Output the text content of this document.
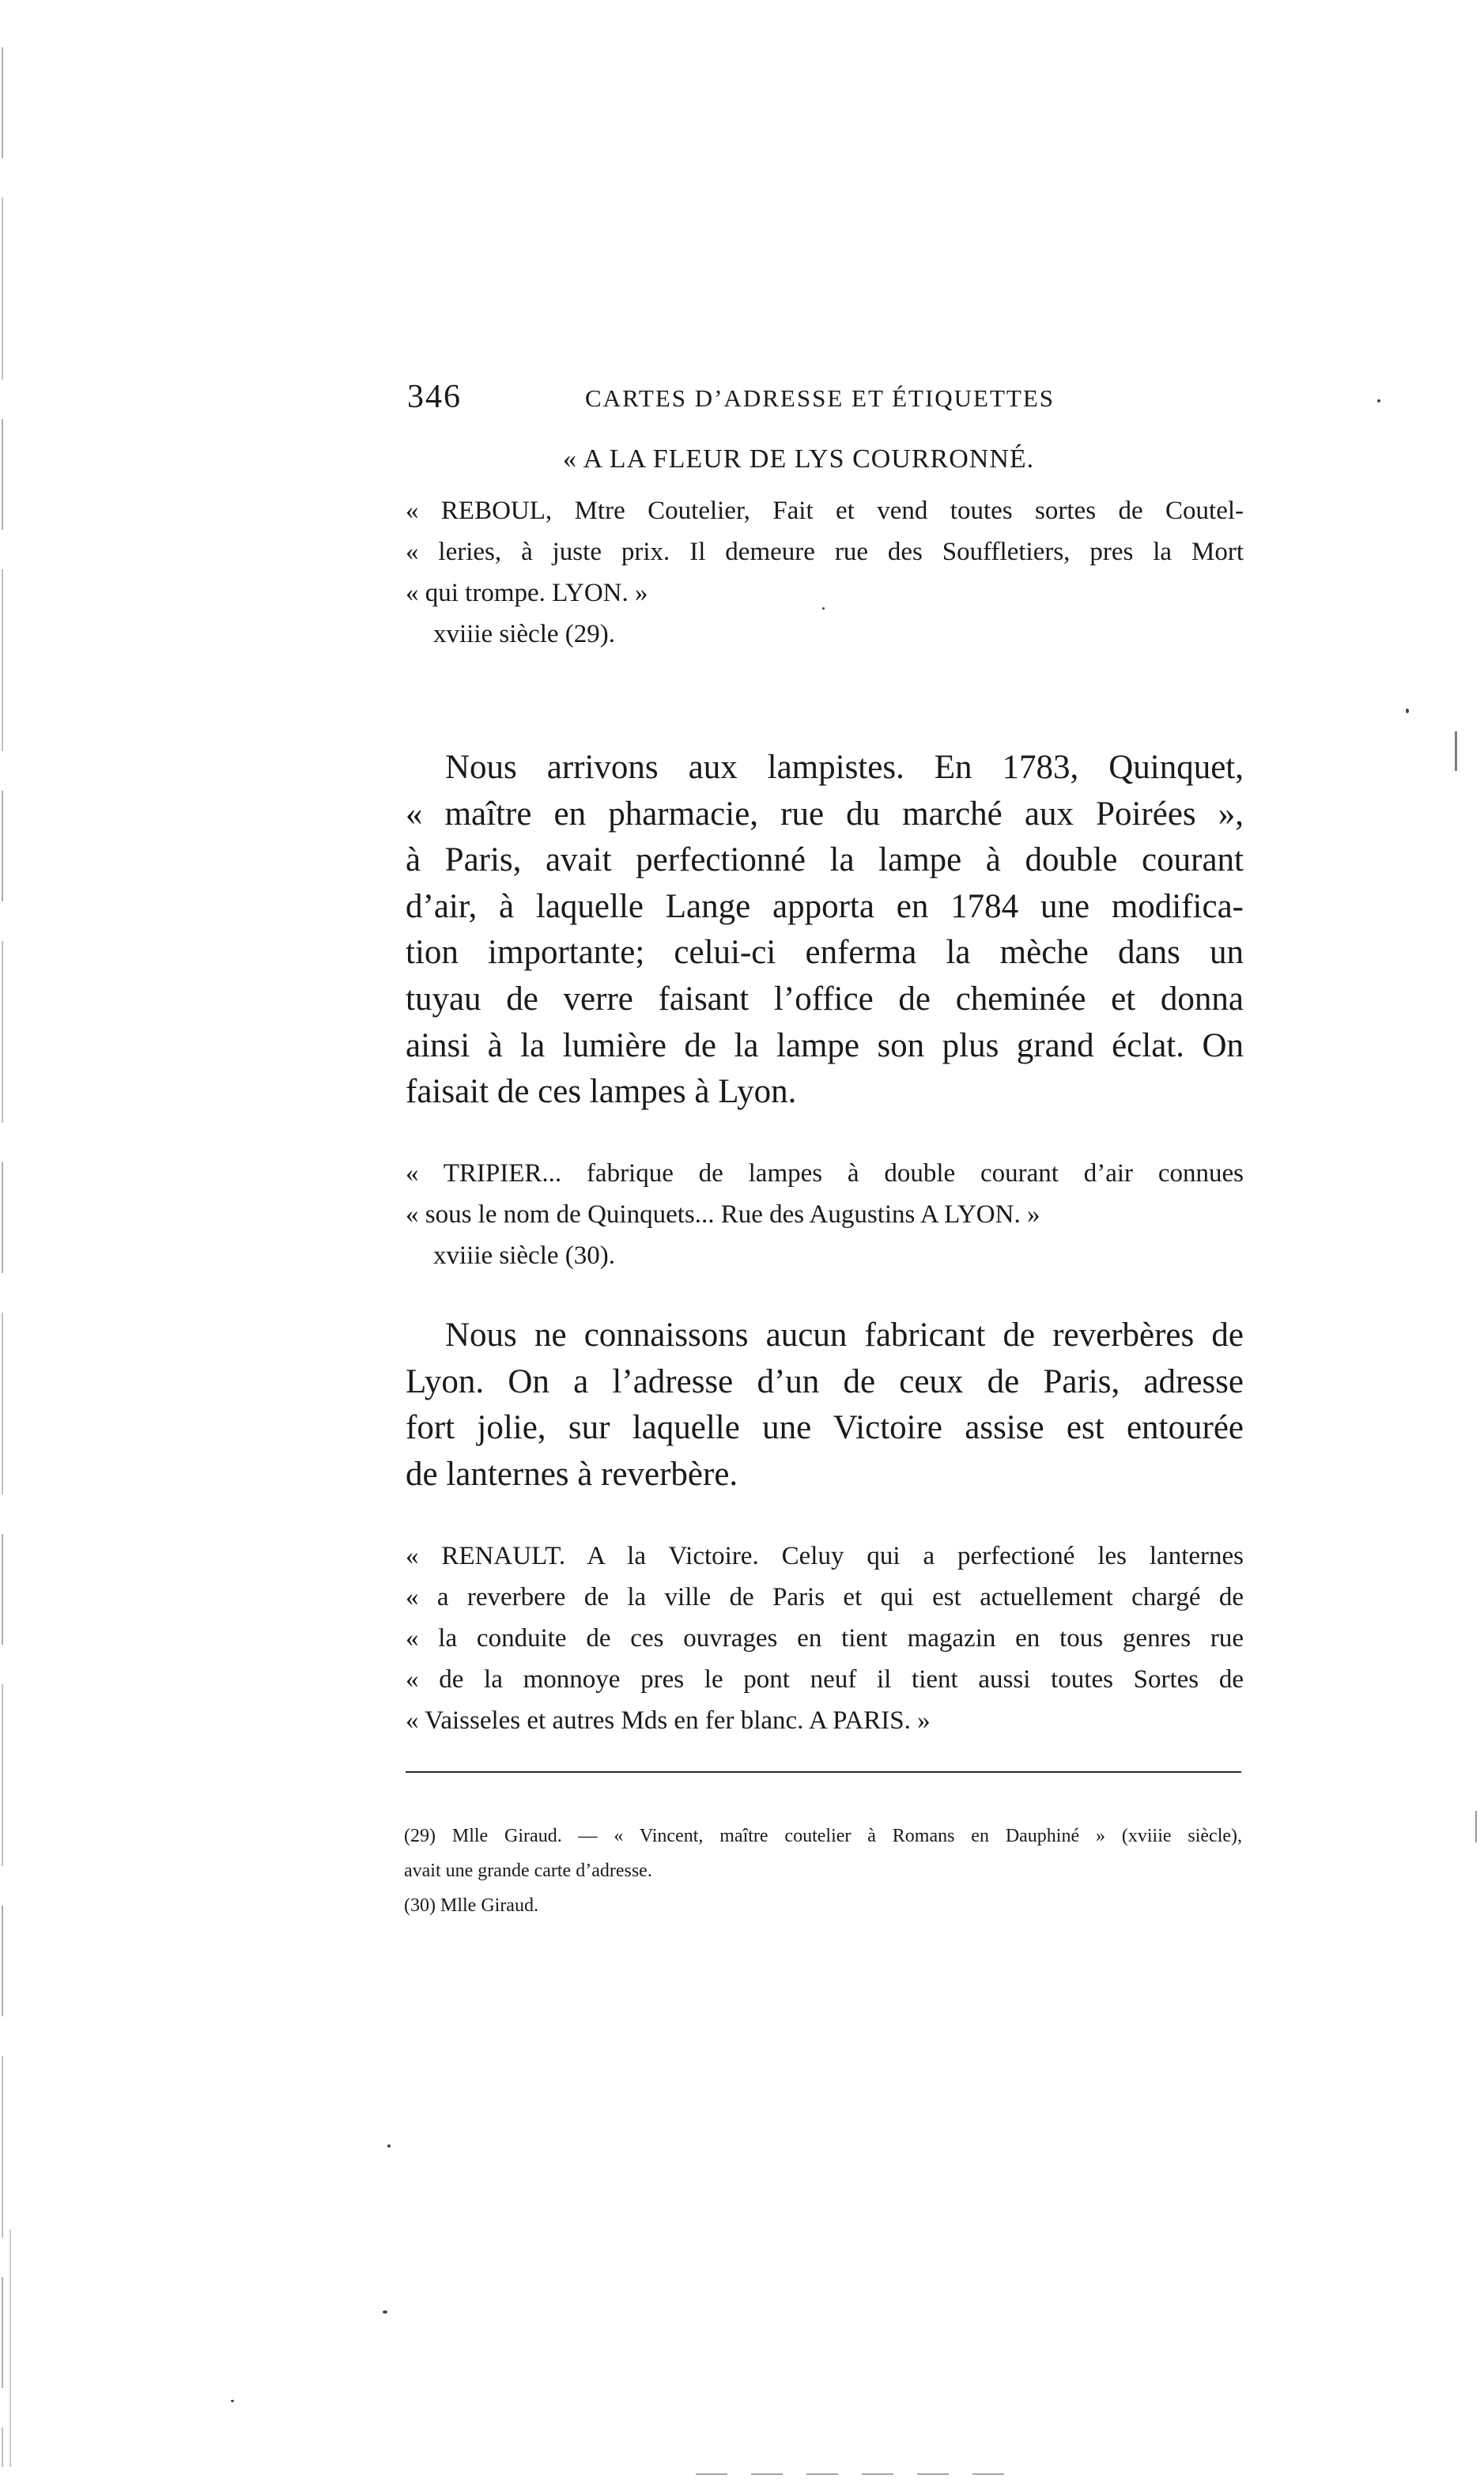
346	CARTES D’ADRESSE ET ÉTIQUETTES
« A LA FLEUR DE LYS COURRONNÉ.
« REBOUL, Mtre Coutelier, Fait et vend toutes sortes de Coutel-
« leries, à juste prix. Il demeure rue des Souffletiers, pres la Mort
« qui trompe. LYON. »
xviiie siècle (29).
Nous arrivons aux lampistes. En 1783, Quinquet,
« maître en pharmacie, rue du marché aux Poirées »,
à Paris, avait perfectionné la lampe à double courant
d’air, à laquelle Lange apporta en 1784 une modifica-
tion importante; celui-ci enferma la mèche dans un
tuyau de verre faisant l’office de cheminée et donna
ainsi à la lumière de la lampe son plus grand éclat. On
faisait de ces lampes à Lyon.
« TRIPIER... fabrique de lampes à double courant d’air connues
« sous le nom de Quinquets... Rue des Augustins A LYON. »
xviiie siècle (30).
Nous ne connaissons aucun fabricant de reverbères de
Lyon. On a l’adresse d’un de ceux de Paris, adresse
fort jolie, sur laquelle une Victoire assise est entourée
de lanternes à reverbère.
« RENAULT. A la Victoire. Celuy qui a perfectioné les lanternes
« a reverbere de la ville de Paris et qui est actuellement chargé de
« la conduite de ces ouvrages en tient magazin en tous genres rue
« de la monnoye pres le pont neuf il tient aussi toutes Sortes de
« Vaisseles et autres Mds en fer blanc. A PARIS. »
(29) Mlle Giraud. — « Vincent, maître coutelier à Romans en Dauphiné » (xviiie siècle),
avait une grande carte d’adresse.
(30) Mlle Giraud.
